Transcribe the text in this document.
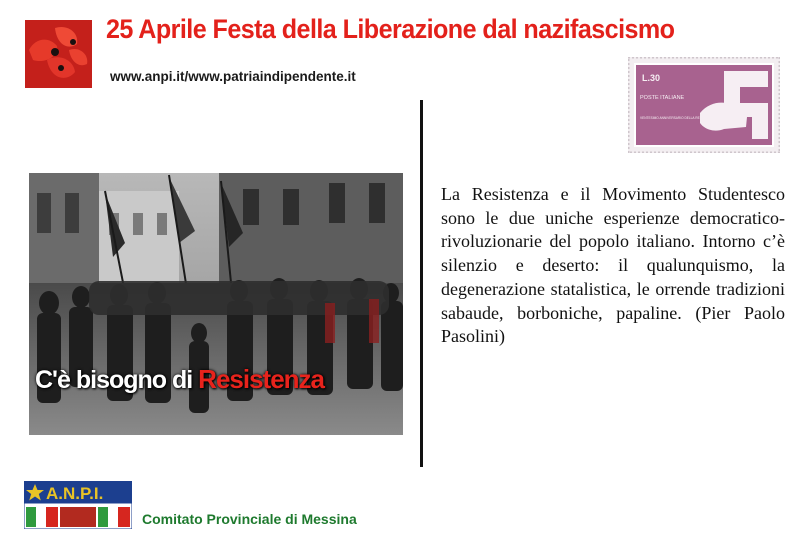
25 Aprile Festa della Liberazione dal nazifascismo
www.anpi.it/www.patriaindipendente.it	L.30
POSTE ITALIANE
VENTESIMO ANNIVERSARIO DELLA RESISTENZA
C'è bisogno di Resistenza
La Resistenza e il Movimento Studentesco sono le due uniche esperienze democratico-rivoluzionarie del popolo italiano. Intorno c’è silenzio e deserto: il qualunquismo, la degenerazione statalistica, le orrende tradizioni sabaude, borboniche, papaline. (Pier Paolo Pasolini)
A.N.P.I.
Comitato Provinciale di Messina
